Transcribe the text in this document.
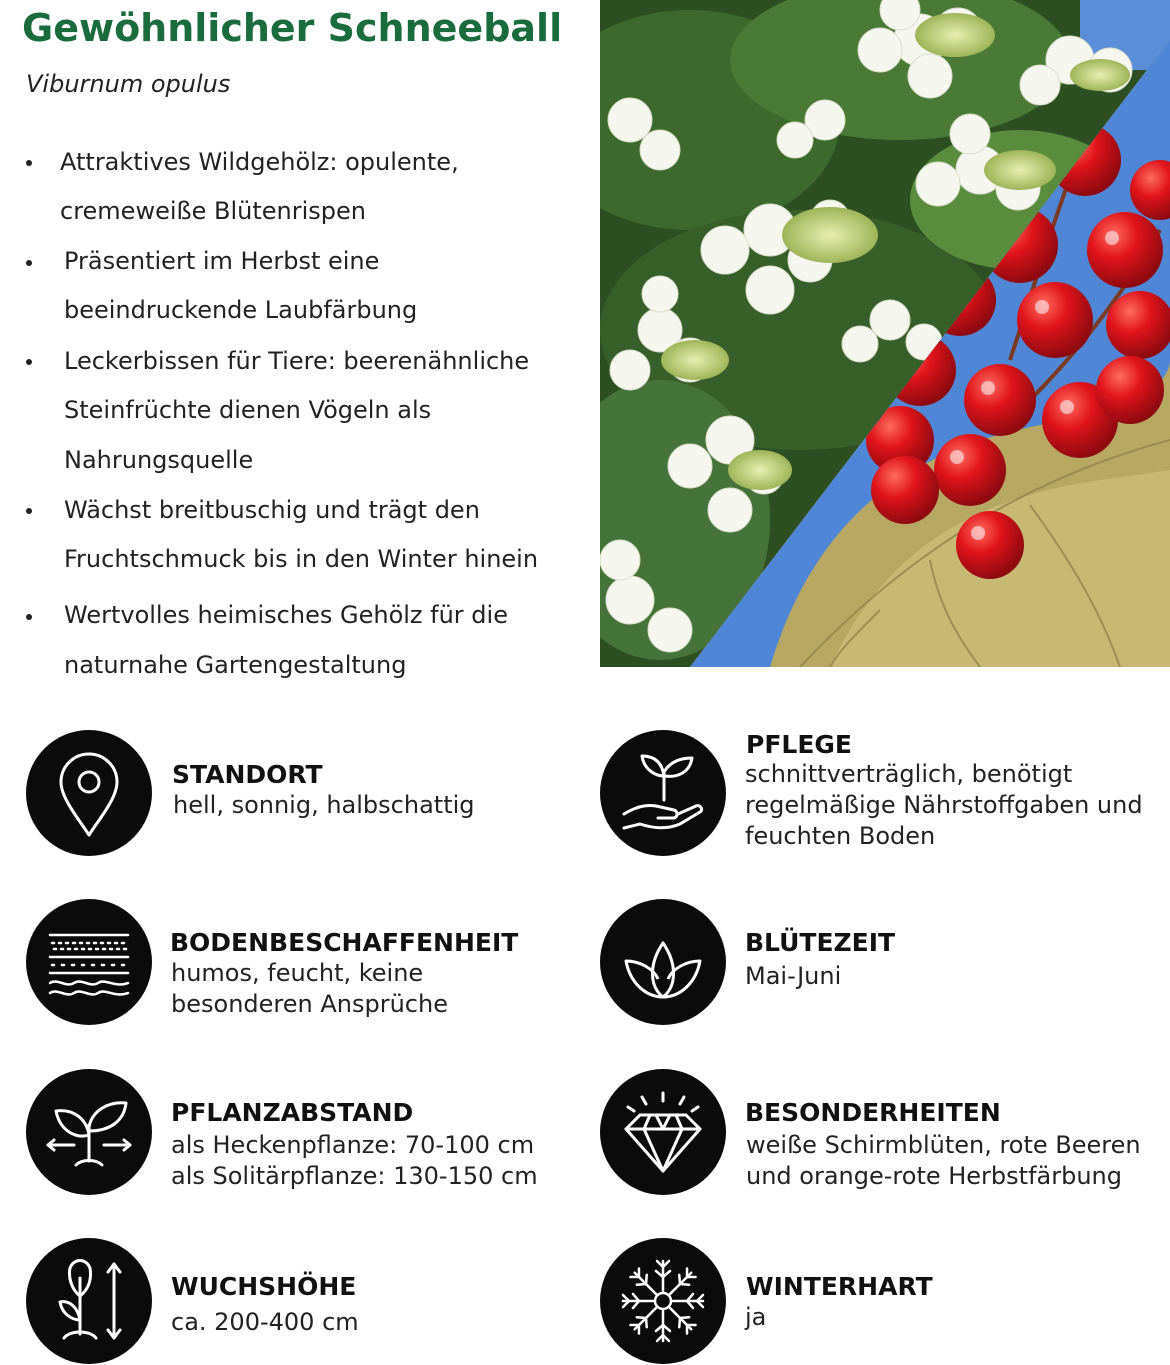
Gewöhnlicher Schneeball
Viburnum opulus
Attraktives Wildgehölz: opulente,
cremeweiße Blütenrispen
Präsentiert im Herbst eine
beeindruckende Laubfärbung
Leckerbissen für Tiere: beerenähnliche
Steinfrüchte dienen Vögeln als
Nahrungsquelle
Wächst breitbuschig und trägt den
Fruchtschmuck bis in den Winter hinein
Wertvolles heimisches Gehölz für die
naturnahe Gartengestaltung
STANDORT
hell, sonnig, halbschattig
PFLEGE
schnittverträglich, benötigt
regelmäßige Nährstoffgaben und
feuchten Boden
BODENBESCHAFFENHEIT
humos, feucht, keine
besonderen Ansprüche
BLÜTEZEIT
Mai-Juni
PFLANZABSTAND
als Heckenpflanze: 70-100 cm
als Solitärpflanze: 130-150 cm
BESONDERHEITEN
weiße Schirmblüten, rote Beeren
und orange-rote Herbstfärbung
WUCHSHÖHE
ca. 200-400 cm
WINTERHART
ja
